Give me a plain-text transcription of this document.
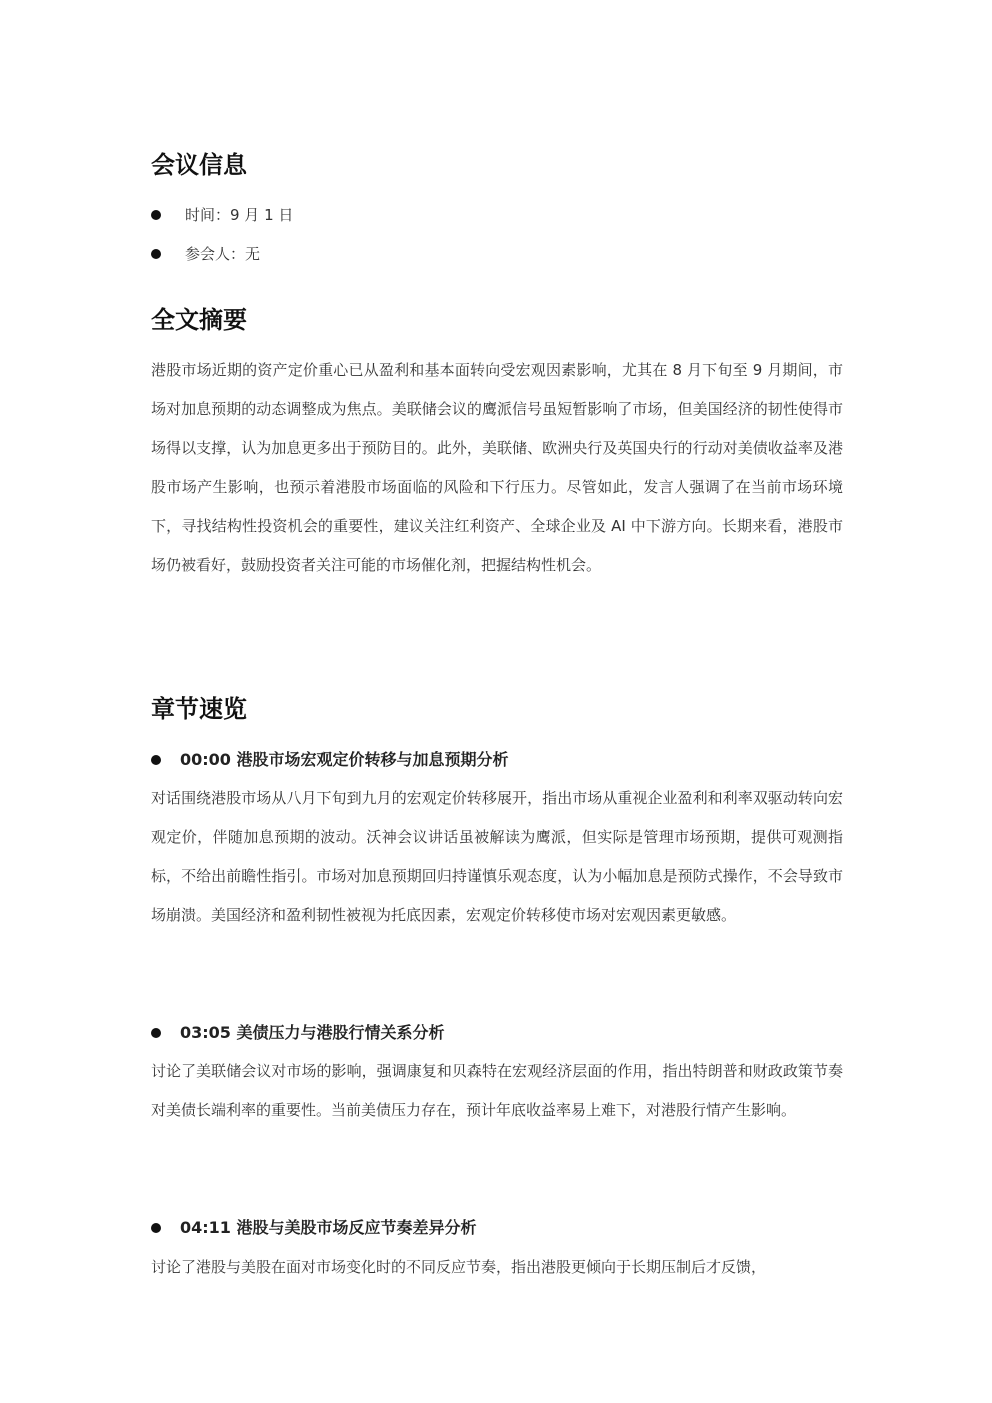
会议信息
时间：9 月 1 日
参会人：无
全文摘要

港股市场近期的资产定价重心已从盈利和基本面转向受宏观因素影响，尤其在 8 月下旬至 9 月期间，市场对加息预期的动态调整成为焦点。美联储会议的鹰派信号虽短暂影响了市场，但美国经济的韧性使得市场得以支撑，认为加息更多出于预防目的。此外，美联储、欧洲央行及英国央行的行动对美债收益率及港股市场产生影响，也预示着港股市场面临的风险和下行压力。尽管如此，发言人强调了在当前市场环境下，寻找结构性投资机会的重要性，建议关注红利资产、全球企业及 AI 中下游方向。长期来看，港股市场仍被看好，鼓励投资者关注可能的市场催化剂，把握结构性机会。

章节速览
00:00 港股市场宏观定价转移与加息预期分析

对话围绕港股市场从八月下旬到九月的宏观定价转移展开，指出市场从重视企业盈利和利率双驱动转向宏观定价，伴随加息预期的波动。沃神会议讲话虽被解读为鹰派，但实际是管理市场预期，提供可观测指标，不给出前瞻性指引。市场对加息预期回归持谨慎乐观态度，认为小幅加息是预防式操作，不会导致市场崩溃。美国经济和盈利韧性被视为托底因素，宏观定价转移使市场对宏观因素更敏感。

03:05 美债压力与港股行情关系分析

讨论了美联储会议对市场的影响，强调康复和贝森特在宏观经济层面的作用，指出特朗普和财政政策节奏对美债长端利率的重要性。当前美债压力存在，预计年底收益率易上难下，对港股行情产生影响。

04:11 港股与美股市场反应节奏差异分析

讨论了港股与美股在面对市场变化时的不同反应节奏，指出港股更倾向于长期压制后才反馈，
